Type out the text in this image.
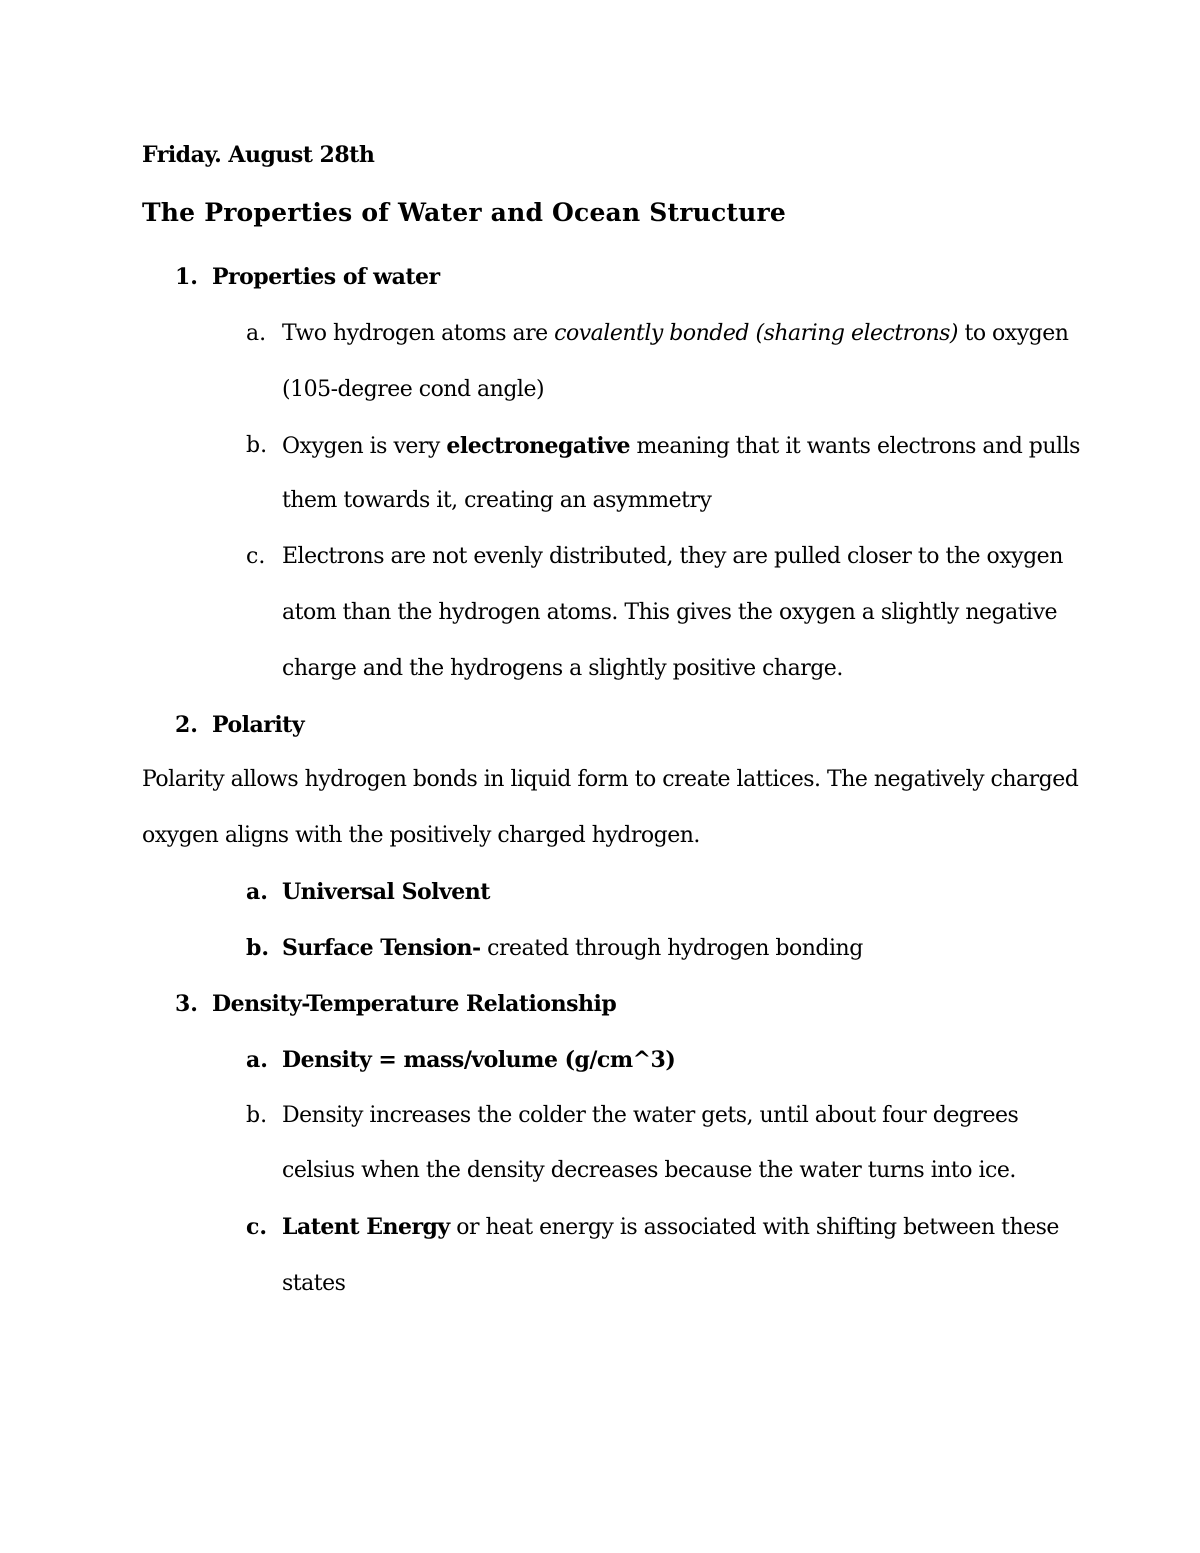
Friday. August 28th
The Properties of Water and Ocean Structure
1. Properties of water
a. Two hydrogen atoms are covalently bonded (sharing electrons) to oxygen
(105-degree cond angle)
b. Oxygen is very electronegative meaning that it wants electrons and pulls
them towards it, creating an asymmetry
c. Electrons are not evenly distributed, they are pulled closer to the oxygen
atom than the hydrogen atoms. This gives the oxygen a slightly negative
charge and the hydrogens a slightly positive charge.
2. Polarity
Polarity allows hydrogen bonds in liquid form to create lattices. The negatively charged
oxygen aligns with the positively charged hydrogen.
a. Universal Solvent
b. Surface Tension- created through hydrogen bonding
3. Density-Temperature Relationship
a. Density = mass/volume (g/cm^3)
b. Density increases the colder the water gets, until about four degrees
celsius when the density decreases because the water turns into ice.
c. Latent Energy or heat energy is associated with shifting between these
states
